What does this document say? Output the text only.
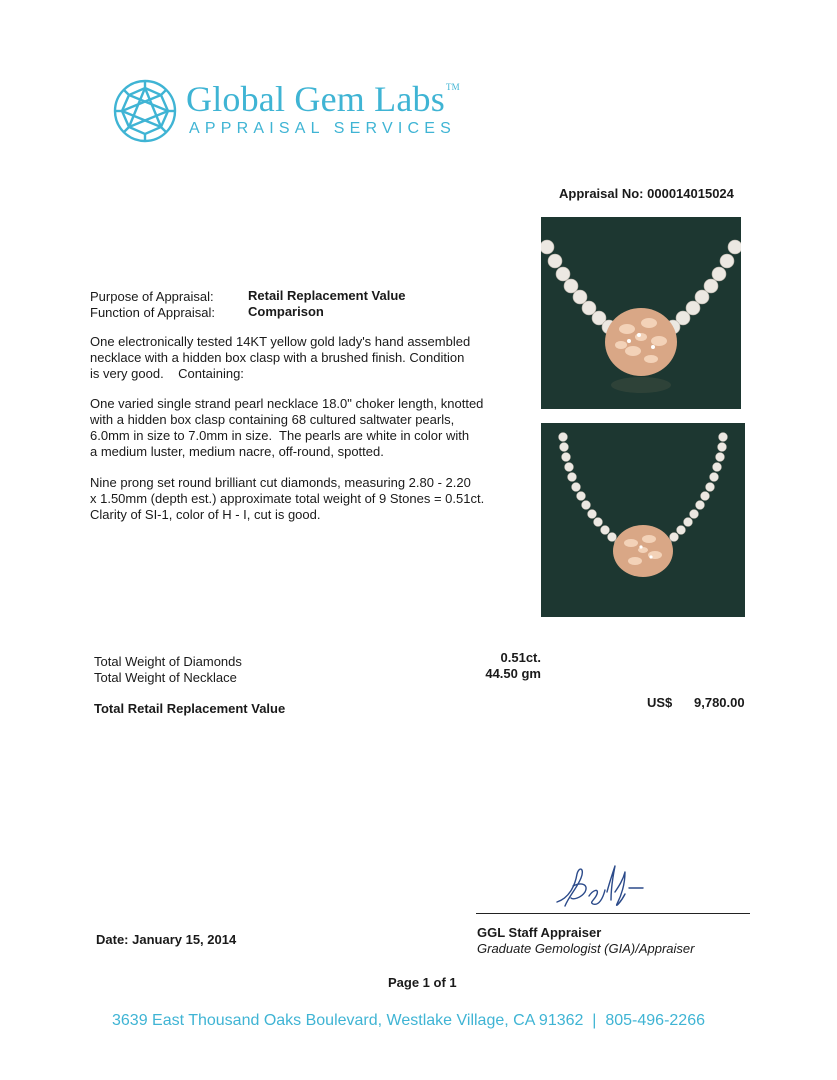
Global Gem Labs™
APPRAISAL SERVICES
Appraisal No: 000014015024
Purpose of Appraisal:	Retail Replacement Value
Function of Appraisal:	Comparison

One electronically tested 14KT yellow gold lady's hand assembled

necklace with a hidden box clasp with a brushed finish. Condition

is very good.    Containing:

One varied single strand pearl necklace 18.0" choker length, knotted

with a hidden box clasp containing 68 cultured saltwater pearls,

6.0mm in size to 7.0mm in size.  The pearls are white in color with

a medium luster, medium nacre, off-round, spotted.

Nine prong set round brilliant cut diamonds, measuring 2.80 - 2.20

x 1.50mm (depth est.) approximate total weight of 9 Stones = 0.51ct.

Clarity of SI-1, color of H - I, cut is good.

Total Weight of Diamonds	0.51ct.
Total Weight of Necklace	44.50 gm
Total Retail Replacement Value	US$ 9,780.00
Date: January 15, 2014	GGL Staff Appraiser
Graduate Gemologist (GIA)/Appraiser
Page 1 of 1
3639 East Thousand Oaks Boulevard, Westlake Village, CA 91362  |  805-496-2266
